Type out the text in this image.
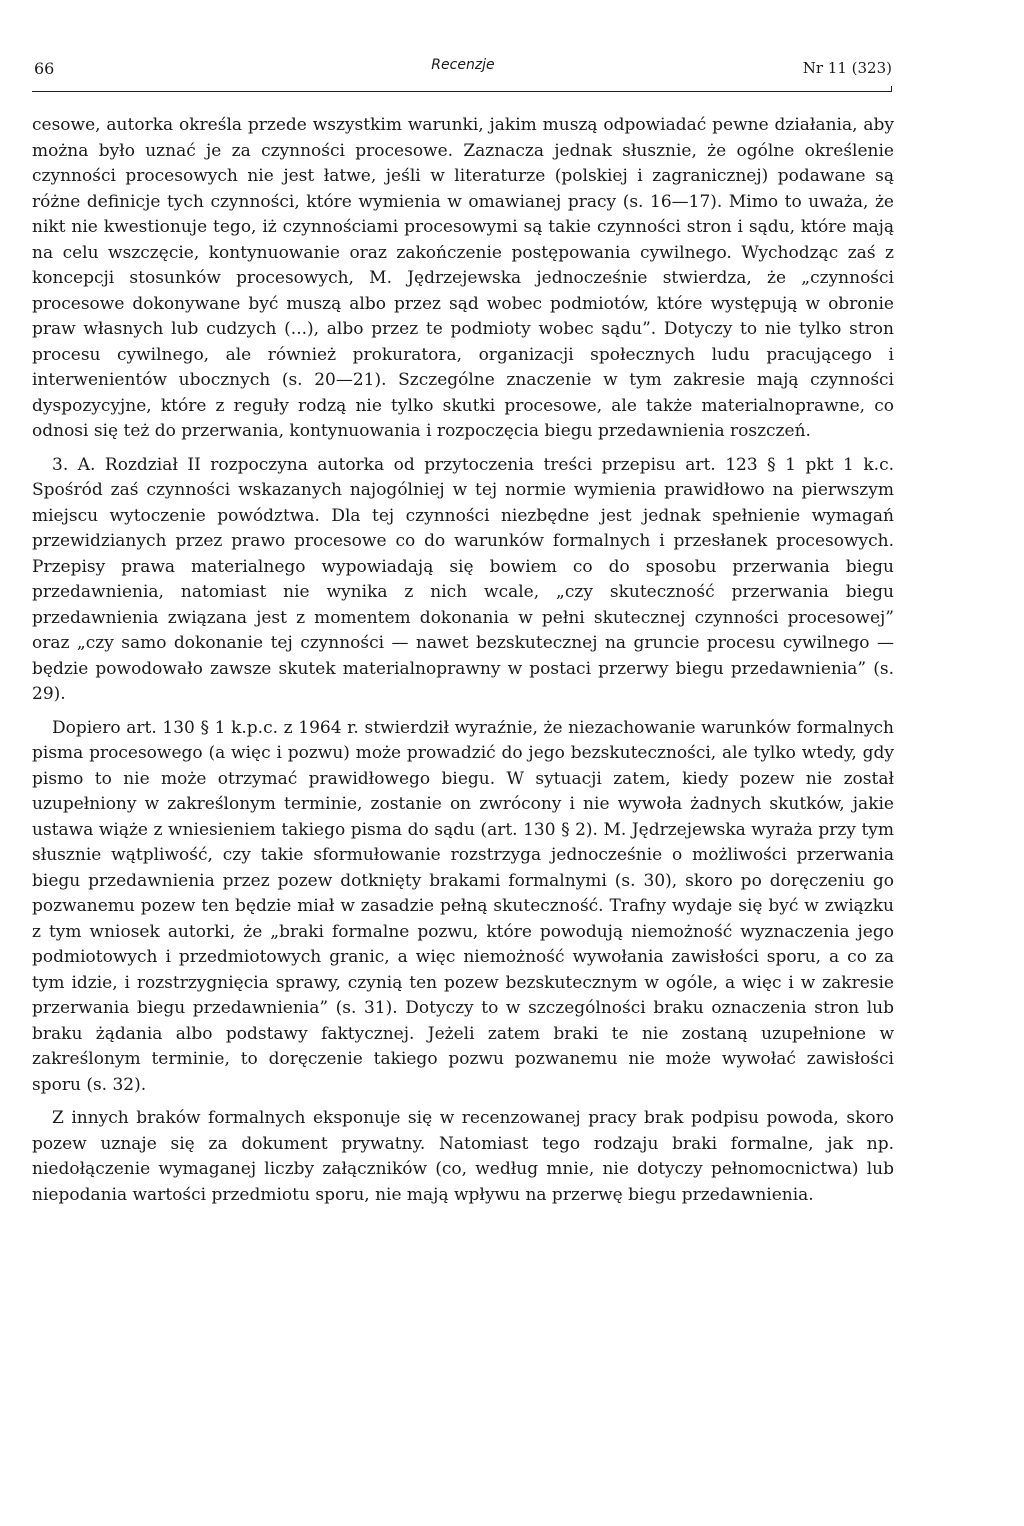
66	Recenzje	Nr 11 (323)

cesowe, autorka określa przede wszystkim warunki, jakim muszą odpowiadać pewne działania, aby można było uznać je za czynności procesowe. Zaznacza jednak słusznie, że ogólne określenie czynności procesowych nie jest łatwe, jeśli w literaturze (polskiej i zagranicznej) podawane są różne definicje tych czynności, które wymienia w omawianej pracy (s. 16—17). Mimo to uważa, że nikt nie kwestionuje tego, iż czynnościami procesowymi są takie czynności stron i sądu, które mają na celu wszczęcie, kontynuowanie oraz zakończenie postępowania cywilnego. Wychodząc zaś z koncepcji stosunków procesowych, M. Jędrzejewska jednocześnie stwierdza, że „czynności procesowe dokonywane być muszą albo przez sąd wobec podmiotów, które występują w obronie praw własnych lub cudzych (...), albo przez te podmioty wobec sądu”. Dotyczy to nie tylko stron procesu cywilnego, ale również prokuratora, organizacji społecznych ludu pracującego i interwenientów ubocznych (s. 20—21). Szczególne znaczenie w tym zakresie mają czynności dyspozycyjne, które z reguły rodzą nie tylko skutki procesowe, ale także materialnoprawne, co odnosi się też do przerwania, kontynuowania i rozpoczęcia biegu przedawnienia roszczeń.

3. A. Rozdział II rozpoczyna autorka od przytoczenia treści przepisu art. 123 § 1 pkt 1 k.c. Spośród zaś czynności wskazanych najogólniej w tej normie wymienia prawidłowo na pierwszym miejscu wytoczenie powództwa. Dla tej czynności niezbędne jest jednak spełnienie wymagań przewidzianych przez prawo procesowe co do warunków formalnych i przesłanek procesowych. Przepisy prawa materialnego wypowiadają się bowiem co do sposobu przerwania biegu przedawnienia, natomiast nie wynika z nich wcale, „czy skuteczność przerwania biegu przedawnienia związana jest z momentem dokonania w pełni skutecznej czynności procesowej” oraz „czy samo dokonanie tej czynności — nawet bezskutecznej na gruncie procesu cywilnego — będzie powodowało zawsze skutek materialnoprawny w postaci przerwy biegu przedawnienia” (s. 29).

Dopiero art. 130 § 1 k.p.c. z 1964 r. stwierdził wyraźnie, że niezachowanie warunków formalnych pisma procesowego (a więc i pozwu) może prowadzić do jego bezskuteczności, ale tylko wtedy, gdy pismo to nie może otrzymać prawidłowego biegu. W sytuacji zatem, kiedy pozew nie został uzupełniony w zakreślonym terminie, zostanie on zwrócony i nie wywoła żadnych skutków, jakie ustawa wiąże z wniesieniem takiego pisma do sądu (art. 130 § 2). M. Jędrzejewska wyraża przy tym słusznie wątpliwość, czy takie sformułowanie rozstrzyga jednocześnie o możliwości przerwania biegu przedawnienia przez pozew dotknięty brakami formalnymi (s. 30), skoro po doręczeniu go pozwanemu pozew ten będzie miał w zasadzie pełną skuteczność. Trafny wydaje się być w związku z tym wniosek autorki, że „braki formalne pozwu, które powodują niemożność wyznaczenia jego podmiotowych i przedmiotowych granic, a więc niemożność wywołania zawisłości sporu, a co za tym idzie, i rozstrzygnięcia sprawy, czynią ten pozew bezskutecznym w ogóle, a więc i w zakresie przerwania biegu przedawnienia” (s. 31). Dotyczy to w szczególności braku oznaczenia stron lub braku żądania albo podstawy faktycznej. Jeżeli zatem braki te nie zostaną uzupełnione w zakreślonym terminie, to doręczenie takiego pozwu pozwanemu nie może wywołać zawisłości sporu (s. 32).

Z innych braków formalnych eksponuje się w recenzowanej pracy brak podpisu powoda, skoro pozew uznaje się za dokument prywatny. Natomiast tego rodzaju braki formalne, jak np. niedołączenie wymaganej liczby załączników (co, według mnie, nie dotyczy pełnomocnictwa) lub niepodania wartości przedmiotu sporu, nie mają wpływu na przerwę biegu przedawnienia.
